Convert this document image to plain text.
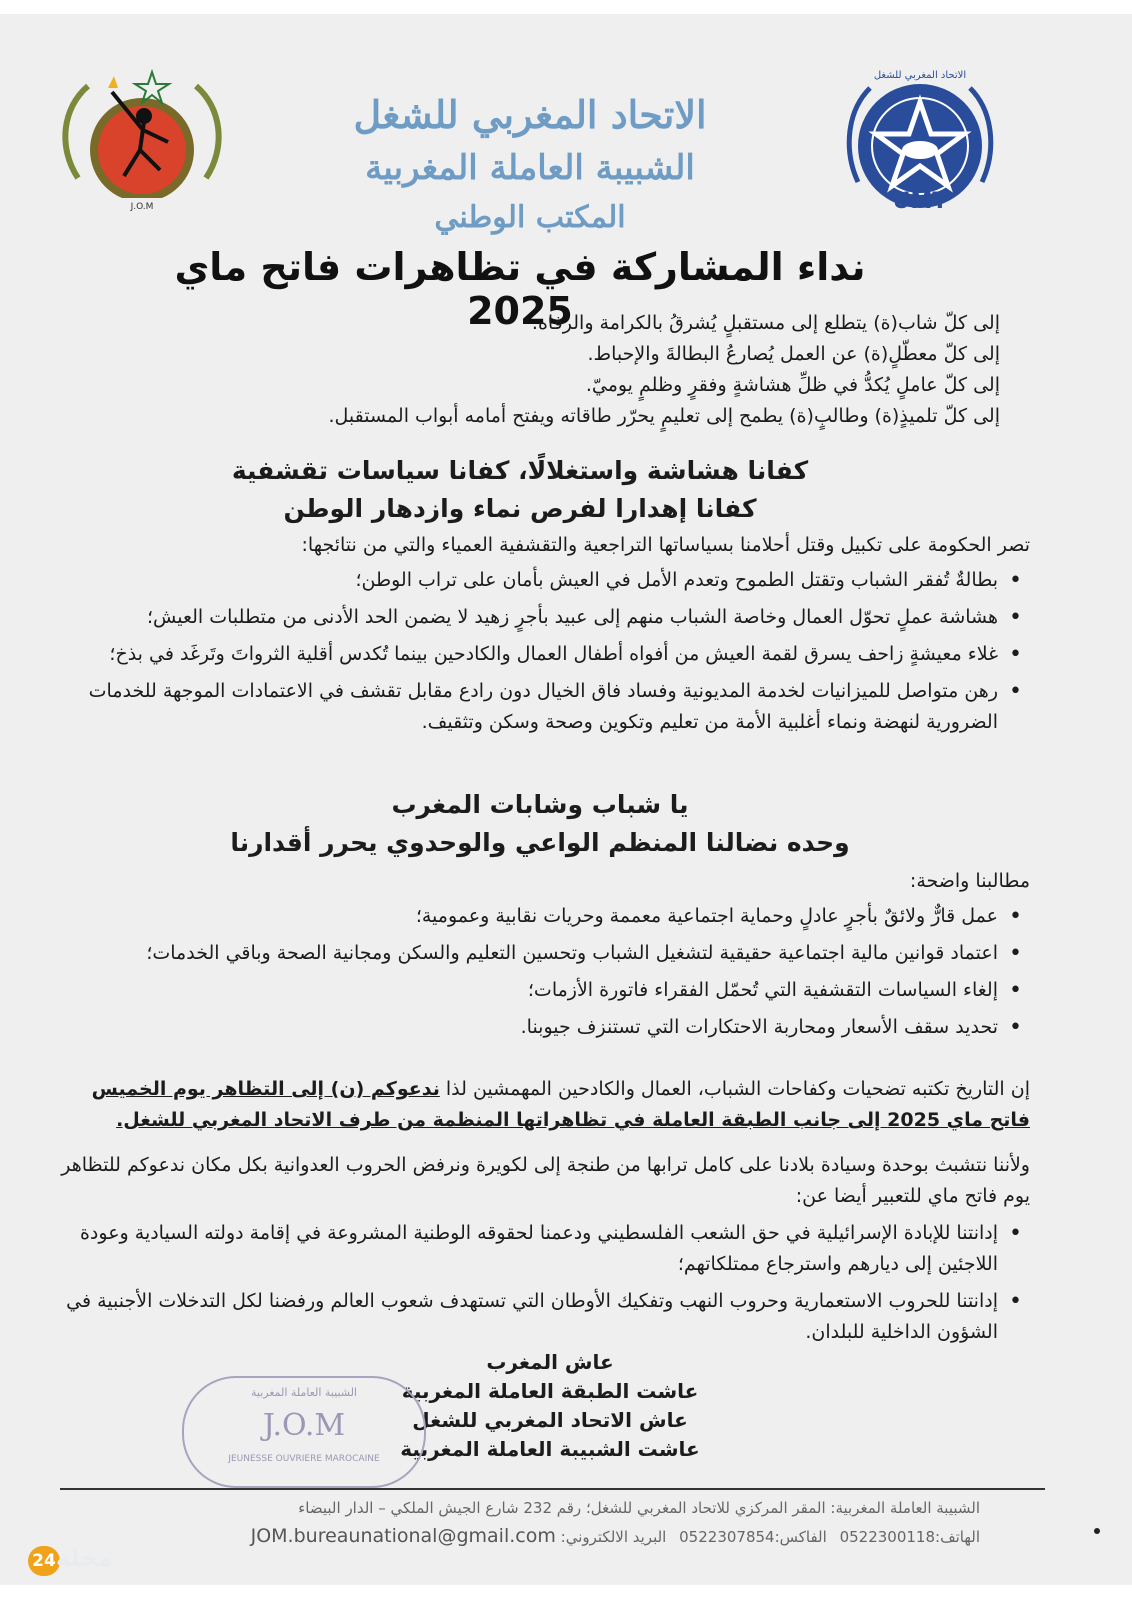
J.O.M	UMT
الاتحاد المغربي للشغل
الاتحاد المغربي للشغل
الشبيبة العاملة المغربية
المكتب الوطني
نداء المشاركة في تظاهرات فاتح ماي 2025
إلى كلّ شاب(ة) يتطلع إلى مستقبلٍ يُشرقُ بالكرامة والرفاه.
إلى كلّ معطّلٍ(ة) عن العمل يُصارعُ البطالةَ والإحباط.
إلى كلّ عاملٍ يُكدُّ في ظلِّ هشاشةٍ وفقرٍ وظلمٍ يوميّ.
إلى كلّ تلميذٍ(ة) وطالبٍ(ة) يطمح إلى تعليمٍ يحرّر طاقاته ويفتح أمامه أبواب المستقبل.
كفانا هشاشة واستغلالًا، كفانا سياسات تقشفية
كفانا إهدارا لفرص نماء وازدهار الوطن
تصر الحكومة على تكبيل وقتل أحلامنا بسياساتها التراجعية والتقشفية العمياء والتي من نتائجها:
• بطالةٌ تُفقر الشباب وتقتل الطموح وتعدم الأمل في العيش بأمان على تراب الوطن؛
• هشاشة عملٍ تحوّل العمال وخاصة الشباب منهم إلى عبيد بأجرٍ زهيد لا يضمن الحد الأدنى من متطلبات العيش؛
• غلاء معيشةٍ زاحف يسرق لقمة العيش من أفواه أطفال العمال والكادحين بينما تُكدس أقلية الثرواتَ وتَرغَد في بذخ؛
• رهن متواصل للميزانيات لخدمة المديونية وفساد فاق الخيال دون رادع مقابل تقشف في الاعتمادات الموجهة للخدمات الضرورية لنهضة ونماء أغلبية الأمة من تعليم وتكوين وصحة وسكن وتثقيف.
يا شباب وشابات المغرب
وحده نضالنا المنظم الواعي والوحدوي يحرر أقدارنا
مطالبنا واضحة:
• عمل قارٌّ ولائقٌ بأجرٍ عادلٍ وحماية اجتماعية معممة وحريات نقابية وعمومية؛
• اعتماد قوانين مالية اجتماعية حقيقية لتشغيل الشباب وتحسين التعليم والسكن ومجانية الصحة وباقي الخدمات؛
• إلغاء السياسات التقشفية التي تُحمّل الفقراء فاتورة الأزمات؛
• تحديد سقف الأسعار ومحاربة الاحتكارات التي تستنزف جيوبنا.
إن التاريخ تكتبه تضحيات وكفاحات الشباب، العمال والكادحين المهمشين لذا ندعوكم (ن) إلى التظاهر يوم الخميس فاتح ماي 2025 إلى جانب الطبقة العاملة في تظاهراتها المنظمة من طرف الاتحاد المغربي للشغل.
ولأننا نتشبث بوحدة وسيادة بلادنا على كامل ترابها من طنجة إلى لكويرة ونرفض الحروب العدوانية بكل مكان ندعوكم للتظاهر يوم فاتح ماي للتعبير أيضا عن:
• إدانتنا للإبادة الإسرائيلية في حق الشعب الفلسطيني ودعمنا لحقوقه الوطنية المشروعة في إقامة دولته السيادية وعودة اللاجئين إلى ديارهم واسترجاع ممتلكاتهم؛
• إدانتنا للحروب الاستعمارية وحروب النهب وتفكيك الأوطان التي تستهدف شعوب العالم ورفضنا لكل التدخلات الأجنبية في الشؤون الداخلية للبلدان.
عاش المغرب
عاشت الطبقة العاملة المغربية
عاش الاتحاد المغربي للشغل
عاشت الشبيبة العاملة المغربية
الشبيبة العاملة المغربية
J.O.M
JEUNESSE OUVRIERE MAROCAINE
الشبيبة العاملة المغربية: المقر المركزي للاتحاد المغربي للشغل؛ رقم 232 شارع الجيش الملكي – الدار البيضاء
الهاتف:0522300118 الفاكس:0522307854 البريد الالكتروني: JOM.bureaunational@gmail.com
24 مجلة
